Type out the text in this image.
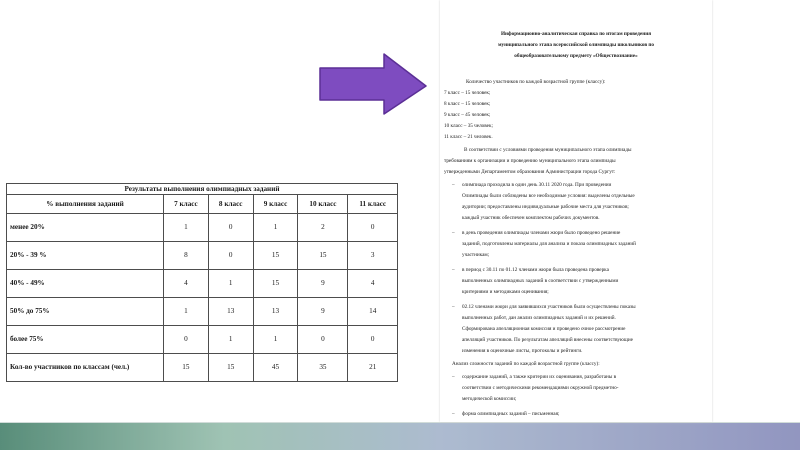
Результаты выполнения олимпиадных заданий					
% выполнения заданий	7 класс	8 класс	9 класс	10 класс	11 класс
менее 20%	1	0	1	2	0
20% - 39 %	8	0	15	15	3
40% - 49%	4	1	15	9	4
50% до 75%	1	13	13	9	14
более 75%	0	1	1	0	0
Кол-во участников по классам (чел.)	15	15	45	35	21
Информационно-аналитическая справка по итогам проведения
муниципального этапа всероссийской олимпиады школьников по
общеобразовательному предмету «Обществознание»
Количество участников по каждой возрастной группе (классу):
7 класс – 15 человек;
8 класс – 15 человек;
9 класс – 45 человек;
10 класс – 35 человек;
11 класс – 21 человек.
В соответствии с условиями проведения муниципального этапа олимпиады
требованиям к организации и проведению муниципального этапа олимпиады
утвержденными Департаментом образования Администрации города Сургут:
– олимпиада проходила в один день 30.11 2020 года. При проведении
Олимпиады были соблюдены все необходимые условия: выделены отдельные
аудитории; предоставлены индивидуальные рабочие места для участников;
каждый участник обеспечен комплектом рабочих документов.
– в день проведения олимпиады членами жюри было проведено решение
заданий, подготовлены материалы для анализа и показа олимпиадных заданий
участникам;
– в период с 30.11 по 01.12 членами жюри была проведена проверка
выполненных олимпиадных заданий в соответствии с утвержденными
критериями и методиками оценивания;
– 02.12 членами жюри для заявившихся участников были осуществлены показы
выполненных работ, дан анализ олимпиадных заданий и их решений.
Сформирована апелляционная комиссия и проведено очное рассмотрение
апелляций участников. По результатам апелляций внесены соответствующие
изменения в оценочные листы, протоколы и рейтинги.
Анализ сложности заданий по каждой возрастной группе (классу):
– содержание заданий, а также критерии их оценивания, разработаны в
соответствии с методическими рекомендациями окружной предметно-
методической комиссии;
– форма олимпиадных заданий – письменная;
